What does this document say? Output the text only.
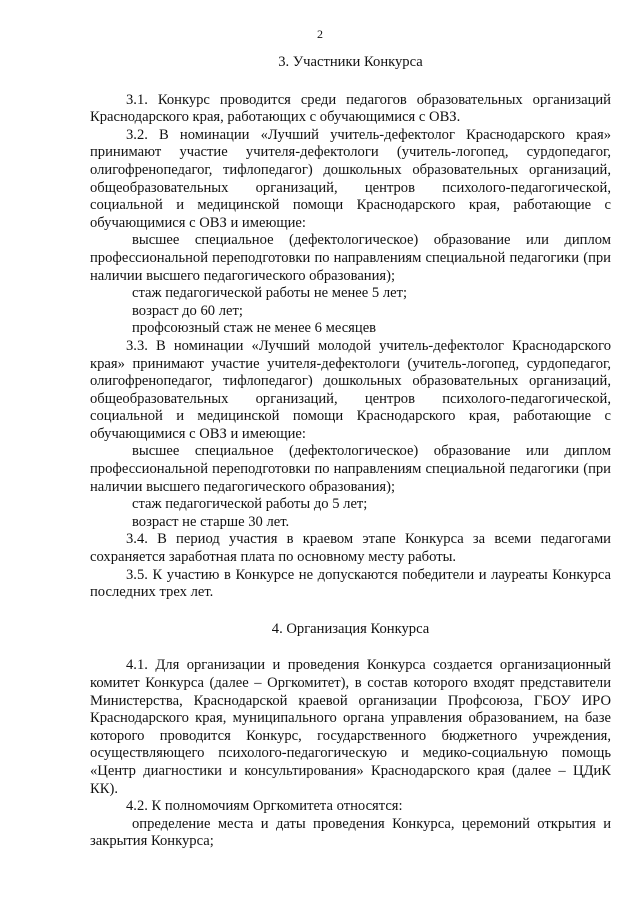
2
3. Участники Конкурса

3.1. Конкурс проводится среди педагогов образовательных организаций Краснодарского края, работающих с обучающимися с ОВЗ.

3.2. В номинации «Лучший учитель-дефектолог Краснодарского края» принимают участие учителя-дефектологи (учитель-логопед, сурдопедагог, олигофренопедагог, тифлопедагог) дошкольных образовательных организаций, общеобразовательных организаций, центров психолого-педагогической, социальной и медицинской помощи Краснодарского края, работающие с обучающимися с ОВЗ и имеющие:

высшее специальное (дефектологическое) образование или диплом профессиональной переподготовки по направлениям специальной педагогики (при наличии высшего педагогического образования);

стаж педагогической работы не менее 5 лет;

возраст до 60 лет;

профсоюзный стаж не менее 6 месяцев

3.3. В номинации «Лучший молодой учитель-дефектолог Краснодарского края» принимают участие учителя-дефектологи (учитель-логопед, сурдопедагог, олигофренопедагог, тифлопедагог) дошкольных образовательных организаций, общеобразовательных организаций, центров психолого-педагогической, социальной и медицинской помощи Краснодарского края, работающие с обучающимися с ОВЗ и имеющие:

высшее специальное (дефектологическое) образование или диплом профессиональной переподготовки по направлениям специальной педагогики (при наличии высшего педагогического образования);

стаж педагогической работы до 5 лет;

возраст не старше 30 лет.

3.4. В период участия в краевом этапе Конкурса за всеми педагогами сохраняется заработная плата по основному месту работы.

3.5. К участию в Конкурсе не допускаются победители и лауреаты Конкурса последних трех лет.

4. Организация Конкурса

4.1. Для организации и проведения Конкурса создается организационный комитет Конкурса (далее – Оргкомитет), в состав которого входят представители Министерства, Краснодарской краевой организации Профсоюза, ГБОУ ИРО Краснодарского края, муниципального органа управления образованием, на базе которого проводится Конкурс, государственного бюджетного учреждения, осуществляющего психолого-педагогическую и медико-социальную помощь «Центр диагностики и консультирования» Краснодарского края (далее – ЦДиК КК).

4.2. К полномочиям Оргкомитета относятся:

определение места и даты проведения Конкурса, церемоний открытия и закрытия Конкурса;
